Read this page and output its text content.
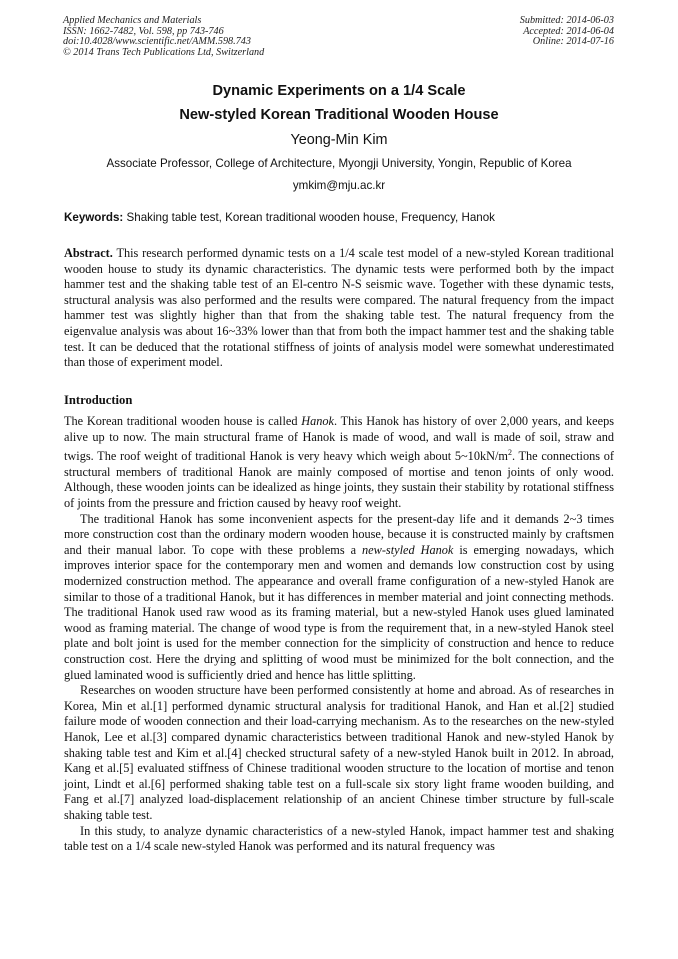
Applied Mechanics and Materials
ISSN: 1662-7482, Vol. 598, pp 743-746
doi:10.4028/www.scientific.net/AMM.598.743
© 2014 Trans Tech Publications Ltd, Switzerland
Submitted: 2014-06-03
Accepted: 2014-06-04
Online: 2014-07-16
Dynamic Experiments on a 1/4 Scale
New-styled Korean Traditional Wooden House
Yeong-Min Kim
Associate Professor, College of Architecture, Myongji University, Yongin, Republic of Korea
ymkim@mju.ac.kr
Keywords: Shaking table test, Korean traditional wooden house, Frequency, Hanok

Abstract. This research performed dynamic tests on a 1/4 scale test model of a new-styled Korean traditional wooden house to study its dynamic characteristics. The dynamic tests were performed both by the impact hammer test and the shaking table test of an El-centro N-S seismic wave. Together with these dynamic tests, structural analysis was also performed and the results were compared. The natural frequency from the impact hammer test was slightly higher than that from the shaking table test. The natural frequency from the eigenvalue analysis was about 16~33% lower than that from both the impact hammer test and the shaking table test. It can be deduced that the rotational stiffness of joints of analysis model were somewhat underestimated than those of experiment model.

Introduction

The Korean traditional wooden house is called Hanok. This Hanok has history of over 2,000 years, and keeps alive up to now. The main structural frame of Hanok is made of wood, and wall is made of soil, straw and twigs. The roof weight of traditional Hanok is very heavy which weigh about $5\sim 10kN/m^2$. The connections of structural members of traditional Hanok are mainly composed of mortise and tenon joints of only wood. Although, these wooden joints can be idealized as hinge joints, they sustain their stability by rotational stiffness of joints from the pressure and friction caused by heavy roof weight.

The traditional Hanok has some inconvenient aspects for the present-day life and it demands 2~3 times more construction cost than the ordinary modern wooden house, because it is constructed mainly by craftsmen and their manual labor. To cope with these problems a new-styled Hanok is emerging nowadays, which improves interior space for the contemporary men and women and demands low construction cost by using modernized construction method. The appearance and overall frame configuration of a new-styled Hanok are similar to those of a traditional Hanok, but it has differences in member material and joint connecting methods. The traditional Hanok used raw wood as its framing material, but a new-styled Hanok uses glued laminated wood as framing material. The change of wood type is from the requirement that, in a new-styled Hanok steel plate and bolt joint is used for the member connection for the simplicity of construction and hence to reduce construction cost. Here the drying and splitting of wood must be minimized for the bolt connection, and the glued laminated wood is sufficiently dried and hence has little splitting.

Researches on wooden structure have been performed consistently at home and abroad. As of researches in Korea, Min et al.[1] performed dynamic structural analysis for traditional Hanok, and Han et al.[2] studied failure mode of wooden connection and their load-carrying mechanism. As to the researches on the new-styled Hanok, Lee et al.[3] compared dynamic characteristics between traditional Hanok and new-styled Hanok by shaking table test and Kim et al.[4] checked structural safety of a new-styled Hanok built in 2012. In abroad, Kang et al.[5] evaluated stiffness of Chinese traditional wooden structure to the location of mortise and tenon joint, Lindt et al.[6] performed shaking table test on a full-scale six story light frame wooden building, and Fang et al.[7] analyzed load-displacement relationship of an ancient Chinese timber structure by full-scale shaking table test.

In this study, to analyze dynamic characteristics of a new-styled Hanok, impact hammer test and shaking table test on a 1/4 scale new-styled Hanok was performed and its natural frequency was
